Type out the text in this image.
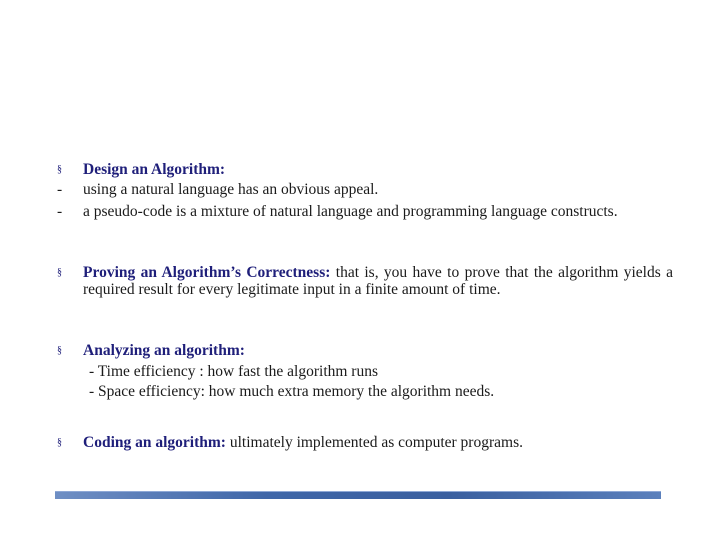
§	Design an Algorithm:
-	using a natural language has an obvious appeal.
-	a pseudo-code is a mixture of natural language and programming language constructs.
§	Proving an Algorithm’s Correctness: that is, you have to prove that the algorithm yields a required result for every legitimate input in a finite amount of time.
§	Analyzing an algorithm:
- Time efficiency : how fast the algorithm runs
- Space efficiency: how much extra memory the algorithm needs.
§	Coding an algorithm: ultimately implemented as computer programs.
